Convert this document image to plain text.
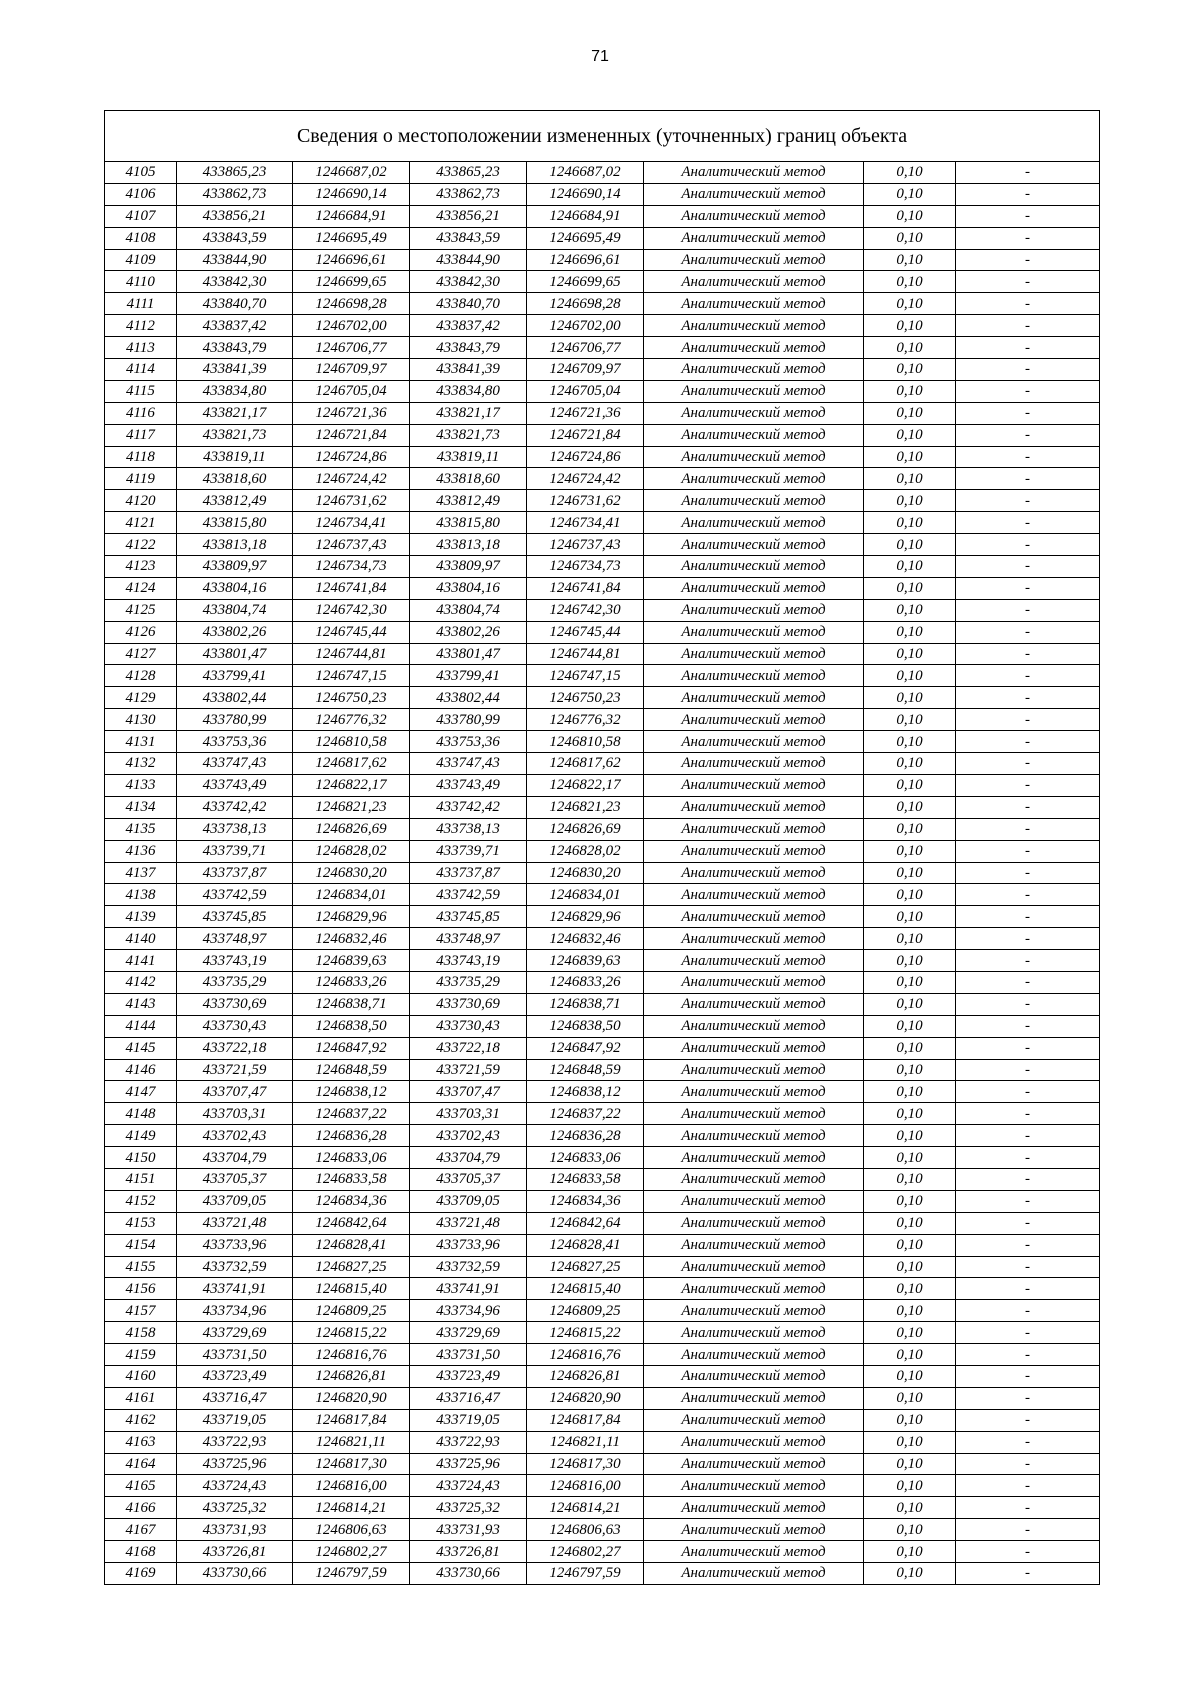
71
Сведения о местоположении измененных (уточненных) границ объекта							
4105	433865,23	1246687,02	433865,23	1246687,02	Аналитический метод	0,10	-
4106	433862,73	1246690,14	433862,73	1246690,14	Аналитический метод	0,10	-
4107	433856,21	1246684,91	433856,21	1246684,91	Аналитический метод	0,10	-
4108	433843,59	1246695,49	433843,59	1246695,49	Аналитический метод	0,10	-
4109	433844,90	1246696,61	433844,90	1246696,61	Аналитический метод	0,10	-
4110	433842,30	1246699,65	433842,30	1246699,65	Аналитический метод	0,10	-
4111	433840,70	1246698,28	433840,70	1246698,28	Аналитический метод	0,10	-
4112	433837,42	1246702,00	433837,42	1246702,00	Аналитический метод	0,10	-
4113	433843,79	1246706,77	433843,79	1246706,77	Аналитический метод	0,10	-
4114	433841,39	1246709,97	433841,39	1246709,97	Аналитический метод	0,10	-
4115	433834,80	1246705,04	433834,80	1246705,04	Аналитический метод	0,10	-
4116	433821,17	1246721,36	433821,17	1246721,36	Аналитический метод	0,10	-
4117	433821,73	1246721,84	433821,73	1246721,84	Аналитический метод	0,10	-
4118	433819,11	1246724,86	433819,11	1246724,86	Аналитический метод	0,10	-
4119	433818,60	1246724,42	433818,60	1246724,42	Аналитический метод	0,10	-
4120	433812,49	1246731,62	433812,49	1246731,62	Аналитический метод	0,10	-
4121	433815,80	1246734,41	433815,80	1246734,41	Аналитический метод	0,10	-
4122	433813,18	1246737,43	433813,18	1246737,43	Аналитический метод	0,10	-
4123	433809,97	1246734,73	433809,97	1246734,73	Аналитический метод	0,10	-
4124	433804,16	1246741,84	433804,16	1246741,84	Аналитический метод	0,10	-
4125	433804,74	1246742,30	433804,74	1246742,30	Аналитический метод	0,10	-
4126	433802,26	1246745,44	433802,26	1246745,44	Аналитический метод	0,10	-
4127	433801,47	1246744,81	433801,47	1246744,81	Аналитический метод	0,10	-
4128	433799,41	1246747,15	433799,41	1246747,15	Аналитический метод	0,10	-
4129	433802,44	1246750,23	433802,44	1246750,23	Аналитический метод	0,10	-
4130	433780,99	1246776,32	433780,99	1246776,32	Аналитический метод	0,10	-
4131	433753,36	1246810,58	433753,36	1246810,58	Аналитический метод	0,10	-
4132	433747,43	1246817,62	433747,43	1246817,62	Аналитический метод	0,10	-
4133	433743,49	1246822,17	433743,49	1246822,17	Аналитический метод	0,10	-
4134	433742,42	1246821,23	433742,42	1246821,23	Аналитический метод	0,10	-
4135	433738,13	1246826,69	433738,13	1246826,69	Аналитический метод	0,10	-
4136	433739,71	1246828,02	433739,71	1246828,02	Аналитический метод	0,10	-
4137	433737,87	1246830,20	433737,87	1246830,20	Аналитический метод	0,10	-
4138	433742,59	1246834,01	433742,59	1246834,01	Аналитический метод	0,10	-
4139	433745,85	1246829,96	433745,85	1246829,96	Аналитический метод	0,10	-
4140	433748,97	1246832,46	433748,97	1246832,46	Аналитический метод	0,10	-
4141	433743,19	1246839,63	433743,19	1246839,63	Аналитический метод	0,10	-
4142	433735,29	1246833,26	433735,29	1246833,26	Аналитический метод	0,10	-
4143	433730,69	1246838,71	433730,69	1246838,71	Аналитический метод	0,10	-
4144	433730,43	1246838,50	433730,43	1246838,50	Аналитический метод	0,10	-
4145	433722,18	1246847,92	433722,18	1246847,92	Аналитический метод	0,10	-
4146	433721,59	1246848,59	433721,59	1246848,59	Аналитический метод	0,10	-
4147	433707,47	1246838,12	433707,47	1246838,12	Аналитический метод	0,10	-
4148	433703,31	1246837,22	433703,31	1246837,22	Аналитический метод	0,10	-
4149	433702,43	1246836,28	433702,43	1246836,28	Аналитический метод	0,10	-
4150	433704,79	1246833,06	433704,79	1246833,06	Аналитический метод	0,10	-
4151	433705,37	1246833,58	433705,37	1246833,58	Аналитический метод	0,10	-
4152	433709,05	1246834,36	433709,05	1246834,36	Аналитический метод	0,10	-
4153	433721,48	1246842,64	433721,48	1246842,64	Аналитический метод	0,10	-
4154	433733,96	1246828,41	433733,96	1246828,41	Аналитический метод	0,10	-
4155	433732,59	1246827,25	433732,59	1246827,25	Аналитический метод	0,10	-
4156	433741,91	1246815,40	433741,91	1246815,40	Аналитический метод	0,10	-
4157	433734,96	1246809,25	433734,96	1246809,25	Аналитический метод	0,10	-
4158	433729,69	1246815,22	433729,69	1246815,22	Аналитический метод	0,10	-
4159	433731,50	1246816,76	433731,50	1246816,76	Аналитический метод	0,10	-
4160	433723,49	1246826,81	433723,49	1246826,81	Аналитический метод	0,10	-
4161	433716,47	1246820,90	433716,47	1246820,90	Аналитический метод	0,10	-
4162	433719,05	1246817,84	433719,05	1246817,84	Аналитический метод	0,10	-
4163	433722,93	1246821,11	433722,93	1246821,11	Аналитический метод	0,10	-
4164	433725,96	1246817,30	433725,96	1246817,30	Аналитический метод	0,10	-
4165	433724,43	1246816,00	433724,43	1246816,00	Аналитический метод	0,10	-
4166	433725,32	1246814,21	433725,32	1246814,21	Аналитический метод	0,10	-
4167	433731,93	1246806,63	433731,93	1246806,63	Аналитический метод	0,10	-
4168	433726,81	1246802,27	433726,81	1246802,27	Аналитический метод	0,10	-
4169	433730,66	1246797,59	433730,66	1246797,59	Аналитический метод	0,10	-
